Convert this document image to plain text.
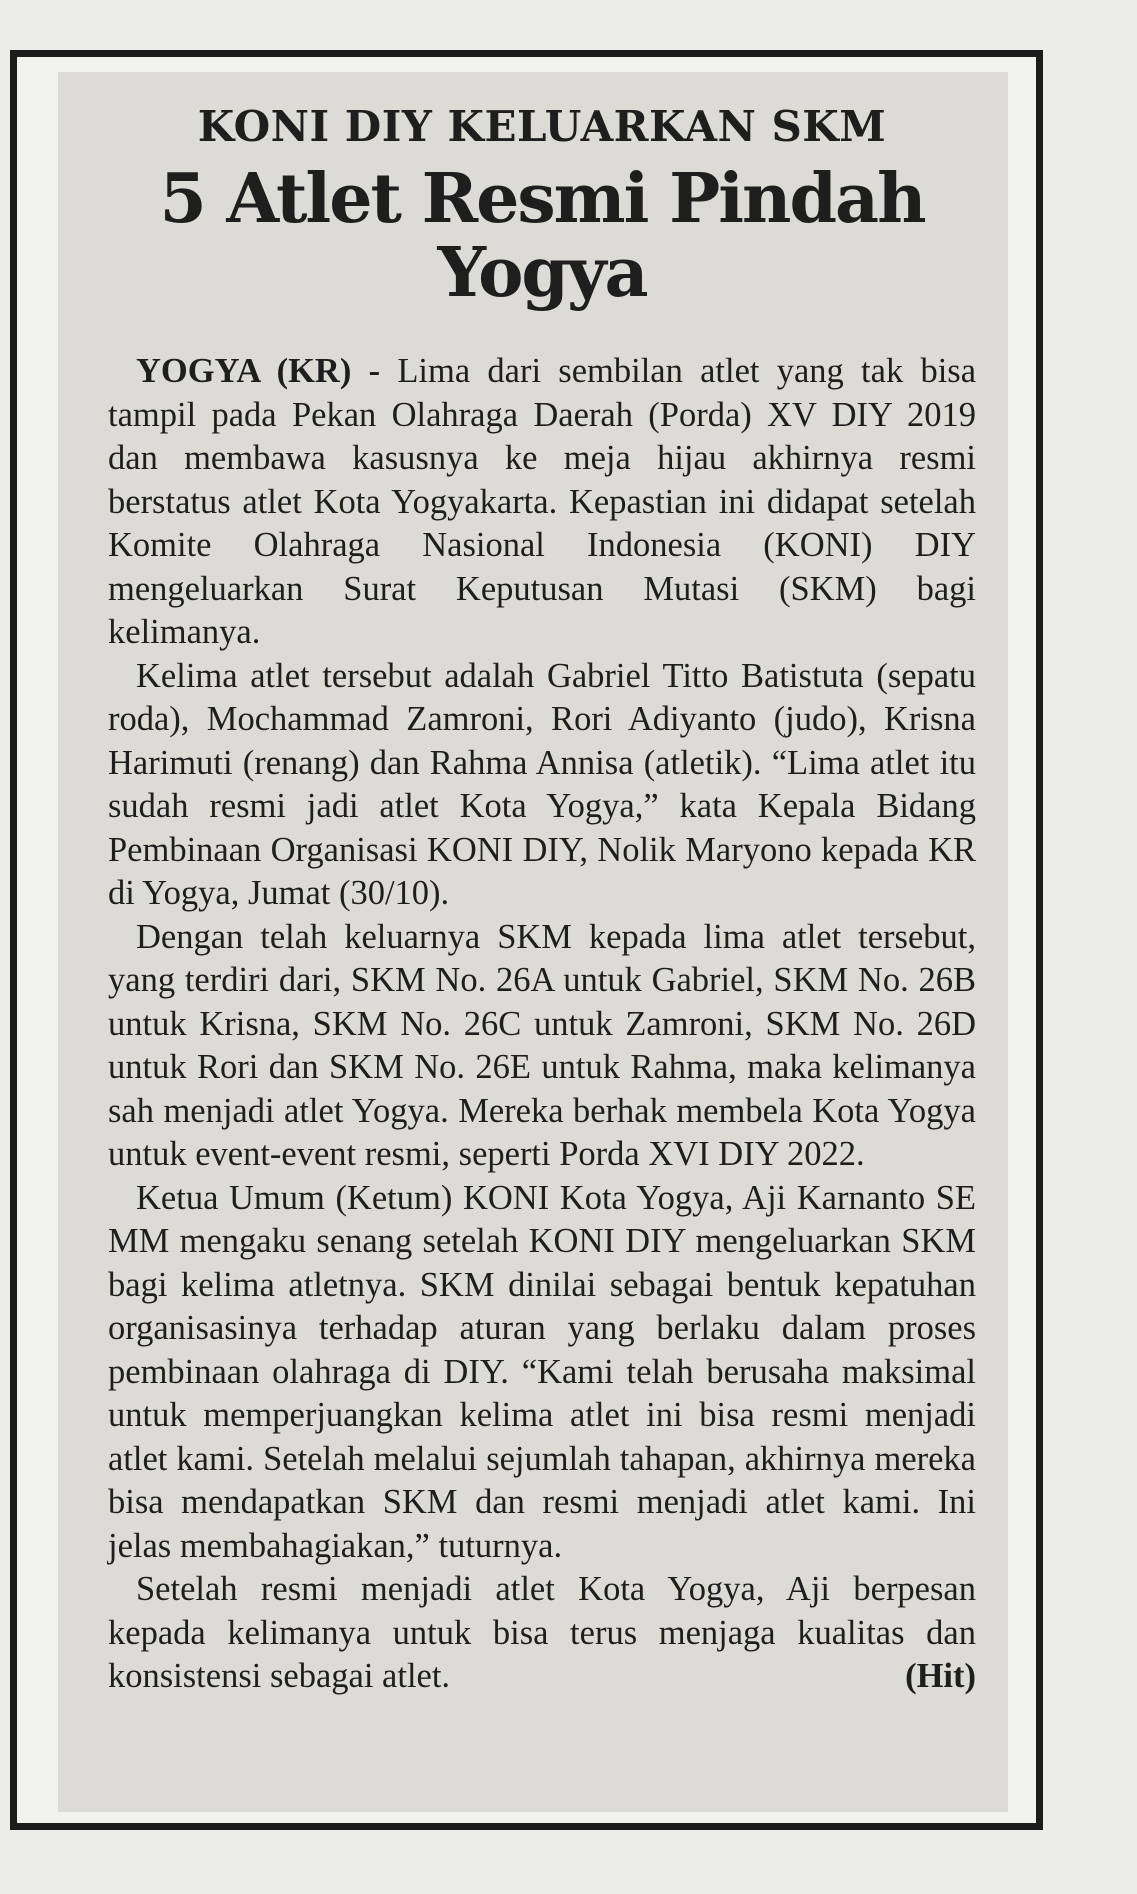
KONI DIY KELUARKAN SKM
5 Atlet Resmi Pindah Yogya

YOGYA (KR) - Lima dari sembilan atlet yang tak bisa tampil pada Pekan Olahraga Daerah (Porda) XV DIY 2019 dan membawa kasusnya ke meja hijau akhirnya resmi berstatus atlet Kota Yogyakarta. Kepastian ini didapat setelah Komite Olahraga Nasional Indonesia (KONI) DIY mengeluarkan Surat Keputusan Mutasi (SKM) bagi kelimanya.

Kelima atlet tersebut adalah Gabriel Titto Batistuta (sepatu roda), Mochammad Zamroni, Rori Adiyanto (judo), Krisna Harimuti (renang) dan Rahma Annisa (atletik). “Lima atlet itu sudah resmi jadi atlet Kota Yogya,” kata Kepala Bidang Pembinaan Organisasi KONI DIY, Nolik Maryono kepada KR di Yogya, Jumat (30/10).

Dengan telah keluarnya SKM kepada lima atlet tersebut, yang terdiri dari, SKM No. 26A untuk Gabriel, SKM No. 26B untuk Krisna, SKM No. 26C untuk Zamroni, SKM No. 26D untuk Rori dan SKM No. 26E untuk Rahma, maka kelimanya sah menjadi atlet Yogya. Mereka berhak membela Kota Yogya untuk event-event resmi, seperti Porda XVI DIY 2022.

Ketua Umum (Ketum) KONI Kota Yogya, Aji Karnanto SE MM mengaku senang setelah KONI DIY mengeluarkan SKM bagi kelima atletnya. SKM dinilai sebagai bentuk kepatuhan organisasinya terhadap aturan yang berlaku dalam proses pembinaan olahraga di DIY. “Kami telah berusaha maksimal untuk memperjuangkan kelima atlet ini bisa resmi menjadi atlet kami. Setelah melalui sejumlah tahapan, akhirnya mereka bisa mendapatkan SKM dan resmi menjadi atlet kami. Ini jelas membahagiakan,” tuturnya.

Setelah resmi menjadi atlet Kota Yogya, Aji berpesan kepada kelimanya untuk bisa terus menjaga kualitas dan konsistensi sebagai atlet.	(Hit)
